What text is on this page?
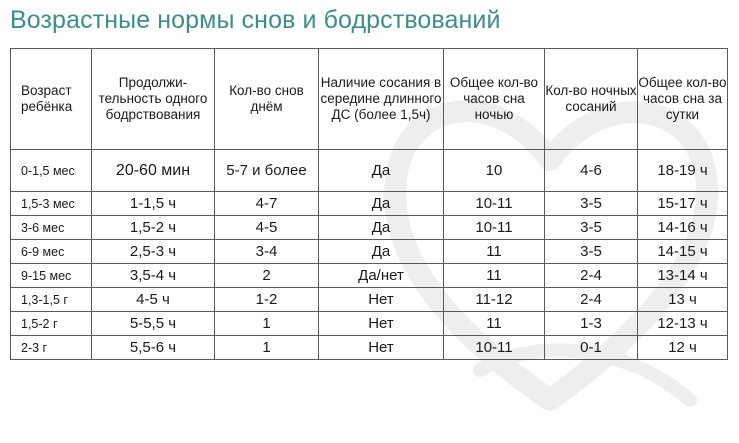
Возрастные нормы снов и бодрствований
Возраст ребёнка	Продолжи-тельность одного бодрствования	Кол-во снов днём	Наличие сосания в середине длинного ДС (более 1,5ч)	Общее кол-во часов сна ночью	Кол-во ночных сосаний	Общее кол-во часов сна за сутки
0-1,5 мес	20-60 мин	5-7 и более	Да	10	4-6	18-19 ч
1,5-3 мес	1-1,5 ч	4-7	Да	10-11	3-5	15-17 ч
3-6 мес	1,5-2 ч	4-5	Да	10-11	3-5	14-16 ч
6-9 мес	2,5-3 ч	3-4	Да	11	3-5	14-15 ч
9-15 мес	3,5-4 ч	2	Да/нет	11	2-4	13-14 ч
1,3-1,5 г	4-5 ч	1-2	Нет	11-12	2-4	13 ч
1,5-2 г	5-5,5 ч	1	Нет	11	1-3	12-13 ч
2-3 г	5,5-6 ч	1	Нет	10-11	0-1	12 ч
